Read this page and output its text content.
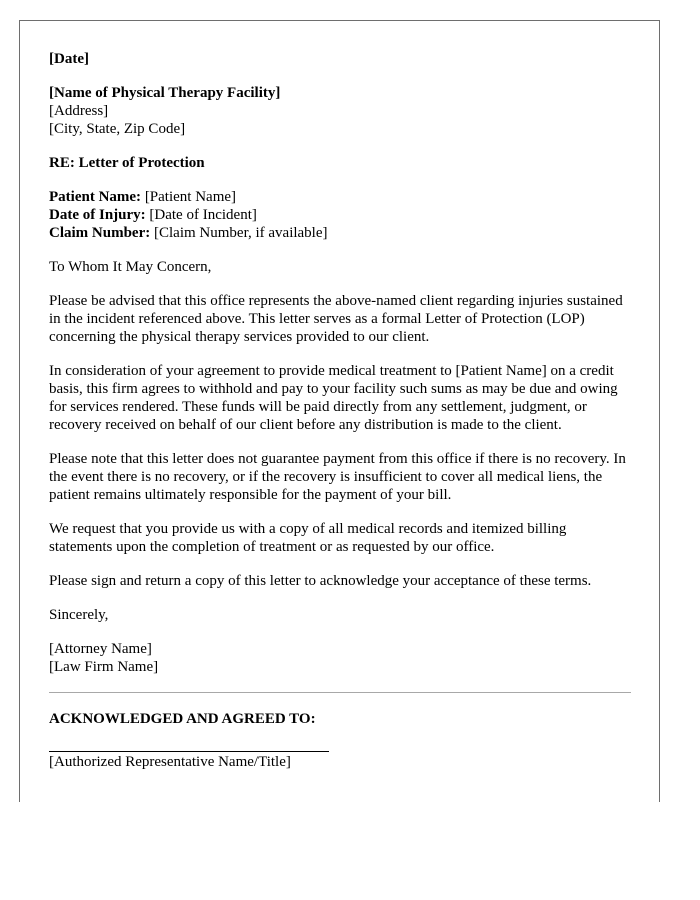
[Date]

[Name of Physical Therapy Facility]
[Address]
[City, State, Zip Code]

RE: Letter of Protection

Patient Name: [Patient Name]
Date of Injury: [Date of Incident]
Claim Number: [Claim Number, if available]

To Whom It May Concern,

Please be advised that this office represents the above-named client regarding injuries sustained in the incident referenced above. This letter serves as a formal Letter of Protection (LOP) concerning the physical therapy services provided to our client.

In consideration of your agreement to provide medical treatment to [Patient Name] on a credit basis, this firm agrees to withhold and pay to your facility such sums as may be due and owing for services rendered. These funds will be paid directly from any settlement, judgment, or recovery received on behalf of our client before any distribution is made to the client.

Please note that this letter does not guarantee payment from this office if there is no recovery. In the event there is no recovery, or if the recovery is insufficient to cover all medical liens, the patient remains ultimately responsible for the payment of your bill.

We request that you provide us with a copy of all medical records and itemized billing statements upon the completion of treatment or as requested by our office.

Please sign and return a copy of this letter to acknowledge your acceptance of these terms.

Sincerely,

[Attorney Name]
[Law Firm Name]

ACKNOWLEDGED AND AGREED TO:

[Authorized Representative Name/Title]
